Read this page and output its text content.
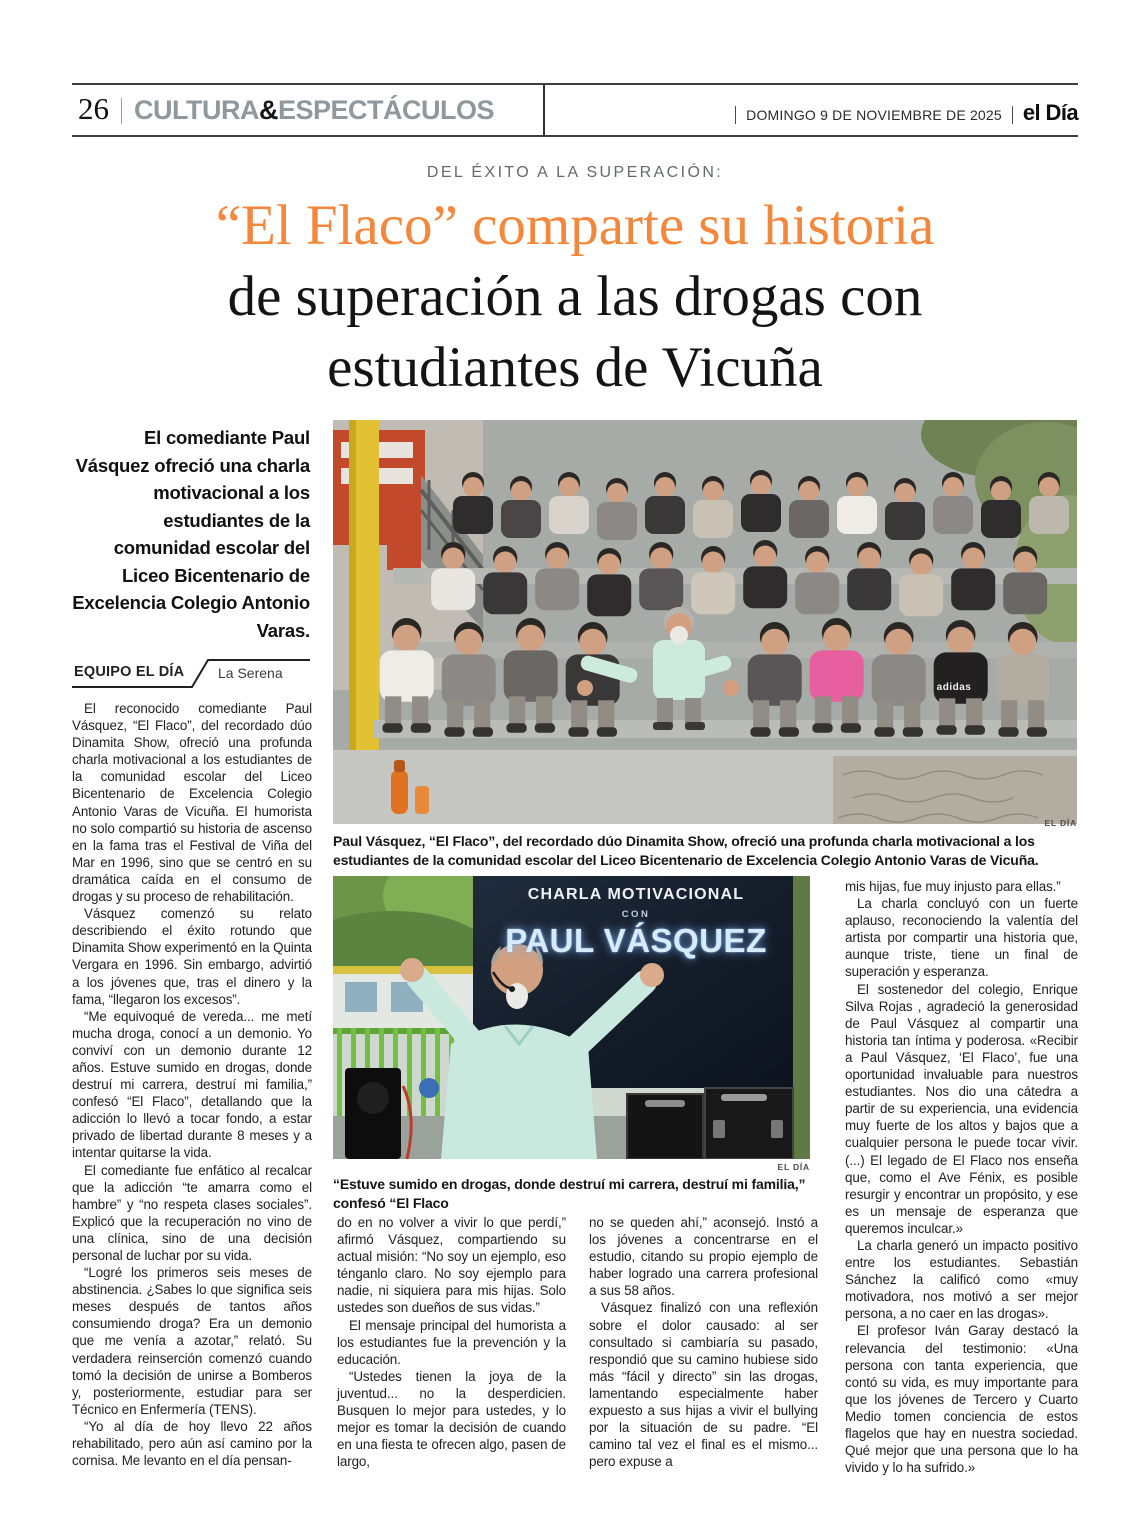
26 CULTURA&ESPECTÁCULOS	DOMINGO 9 DE NOVIEMBRE DE 2025 el Día
DEL ÉXITO A LA SUPERACIÓN:
“El Flaco” comparte su historia
de superación a las drogas con
estudiantes de Vicuña
El comediante Paul Vásquez ofreció una charla motivacional a los estudiantes de la comunidad escolar del Liceo Bicentenario de Excelencia Colegio Antonio Varas.
EQUIPO EL DÍA La Serena

El reconocido comediante Paul Vásquez, “El Flaco”, del recordado dúo Dinamita Show, ofreció una profunda charla motivacional a los estudiantes de la comunidad escolar del Liceo Bicentenario de Excelencia Colegio Antonio Varas de Vicuña. El humorista no solo compartió su historia de ascenso en la fama tras el Festival de Viña del Mar en 1996, sino que se centró en su dramática caída en el consumo de drogas y su proceso de rehabilitación.

Vásquez comenzó su relato describiendo el éxito rotundo que Dinamita Show experimentó en la Quinta Vergara en 1996. Sin embargo, advirtió a los jóvenes que, tras el dinero y la fama, “llegaron los excesos”.

“Me equivoqué de vereda... me metí mucha droga, conocí a un demonio. Yo conviví con un demonio durante 12 años. Estuve sumido en drogas, donde destruí mi carrera, destruí mi familia,” confesó “El Flaco”, detallando que la adicción lo llevó a tocar fondo, a estar privado de libertad durante 8 meses y a intentar quitarse la vida.

El comediante fue enfático al recalcar que la adicción “te amarra como el hambre” y “no respeta clases sociales”. Explicó que la recuperación no vino de una clínica, sino de una decisión personal de luchar por su vida.

“Logré los primeros seis meses de abstinencia. ¿Sabes lo que significa seis meses después de tantos años consumiendo droga? Era un demonio que me venía a azotar,” relató. Su verdadera reinserción comenzó cuando tomó la decisión de unirse a Bomberos y, posteriormente, estudiar para ser Técnico en Enfermería (TENS).

“Yo al día de hoy llevo 22 años rehabilitado, pero aún así camino por la cornisa. Me levanto en el día pensan-

adidas
EL DÍA
Paul Vásquez, “El Flaco”, del recordado dúo Dinamita Show, ofreció una profunda charla motivacional a los estudiantes de la comunidad escolar del Liceo Bicentenario de Excelencia Colegio Antonio Varas de Vicuña.
CHARLA MOTIVACIONAL
CON
PAUL VÁSQUEZ
EL DÍA
“Estuve sumido en drogas, donde destruí mi carrera, destruí mi familia,” confesó “El Flaco

do en no volver a vivir lo que perdí,” afirmó Vásquez, compartiendo su actual misión: “No soy un ejemplo, eso ténganlo claro. No soy ejemplo para nadie, ni siquiera para mis hijas. Solo ustedes son dueños de sus vidas.”

El mensaje principal del humorista a los estudiantes fue la prevención y la educación.

“Ustedes tienen la joya de la juventud... no la desperdicien. Busquen lo mejor para ustedes, y lo mejor es tomar la decisión de cuando en una fiesta te ofrecen algo, pasen de largo,

no se queden ahí,” aconsejó. Instó a los jóvenes a concentrarse en el estudio, citando su propio ejemplo de haber logrado una carrera profesional a sus 58 años.

Vásquez finalizó con una reflexión sobre el dolor causado: al ser consultado si cambiaría su pasado, respondió que su camino hubiese sido más “fácil y directo” sin las drogas, lamentando especialmente haber expuesto a sus hijas a vivir el bullying por la situación de su padre. “El camino tal vez el final es el mismo... pero expuse a

mis hijas, fue muy injusto para ellas.”

La charla concluyó con un fuerte aplauso, reconociendo la valentía del artista por compartir una historia que, aunque triste, tiene un final de superación y esperanza.

El sostenedor del colegio, Enrique Silva Rojas , agradeció la generosidad de Paul Vásquez al compartir una historia tan íntima y poderosa. «Recibir a Paul Vásquez, ‘El Flaco’, fue una oportunidad invaluable para nuestros estudiantes. Nos dio una cátedra a partir de su experiencia, una evidencia muy fuerte de los altos y bajos que a cualquier persona le puede tocar vivir. (...) El legado de El Flaco nos enseña que, como el Ave Fénix, es posible resurgir y encontrar un propósito, y ese es un mensaje de esperanza que queremos inculcar.»

La charla generó un impacto positivo entre los estudiantes. Sebastián Sánchez la calificó como «muy motivadora, nos motivó a ser mejor persona, a no caer en las drogas».

El profesor Iván Garay destacó la relevancia del testimonio: «Una persona con tanta experiencia, que contó su vida, es muy importante para que los jóvenes de Tercero y Cuarto Medio tomen conciencia de estos flagelos que hay en nuestra sociedad. Qué mejor que una persona que lo ha vivido y lo ha sufrido.»
